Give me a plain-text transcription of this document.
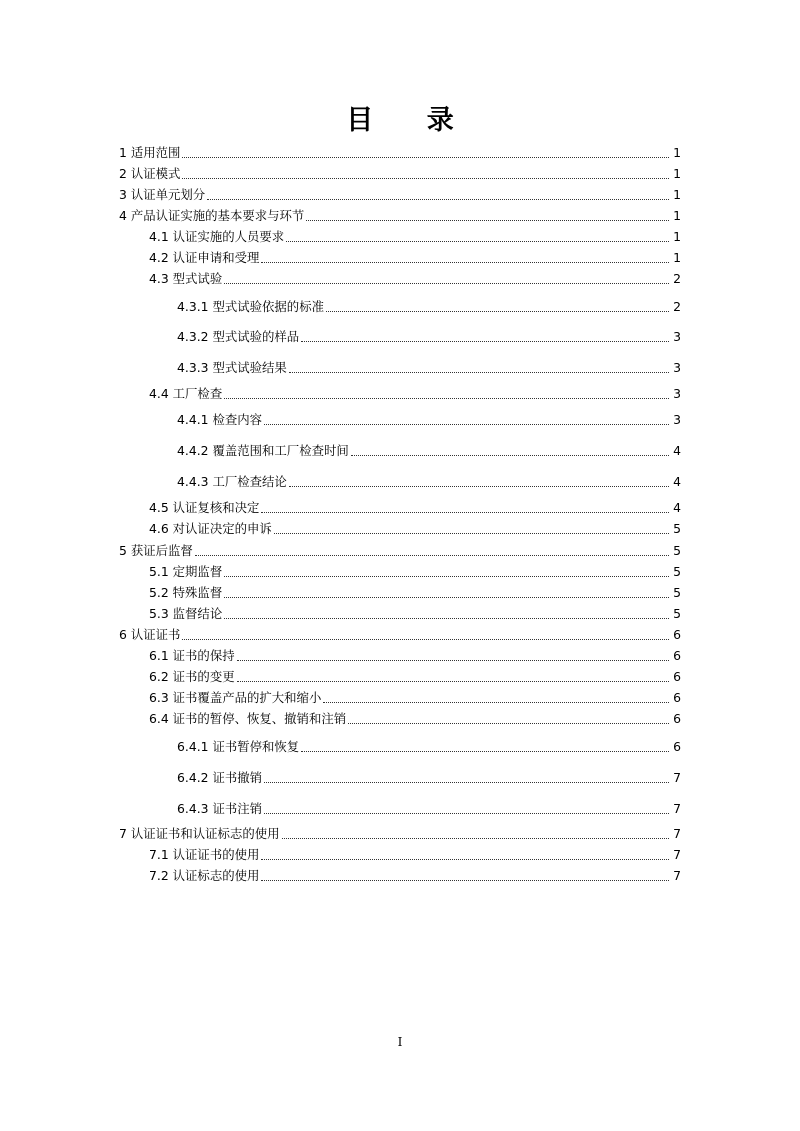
目 录
1 适用范围	1
2 认证模式	1
3 认证单元划分	1
4 产品认证实施的基本要求与环节	1
4.1 认证实施的人员要求	1
4.2 认证申请和受理	1
4.3 型式试验	2
4.3.1 型式试验依据的标准	2
4.3.2 型式试验的样品	3
4.3.3 型式试验结果	3
4.4 工厂检查	3
4.4.1 检查内容	3
4.4.2 覆盖范围和工厂检查时间	4
4.4.3 工厂检查结论	4
4.5 认证复核和决定	4
4.6 对认证决定的申诉	5
5 获证后监督	5
5.1 定期监督	5
5.2 特殊监督	5
5.3 监督结论	5
6 认证证书	6
6.1 证书的保持	6
6.2 证书的变更	6
6.3 证书覆盖产品的扩大和缩小	6
6.4 证书的暂停、恢复、撤销和注销	6
6.4.1 证书暂停和恢复	6
6.4.2 证书撤销	7
6.4.3 证书注销	7
7 认证证书和认证标志的使用	7
7.1 认证证书的使用	7
7.2 认证标志的使用	7
I
